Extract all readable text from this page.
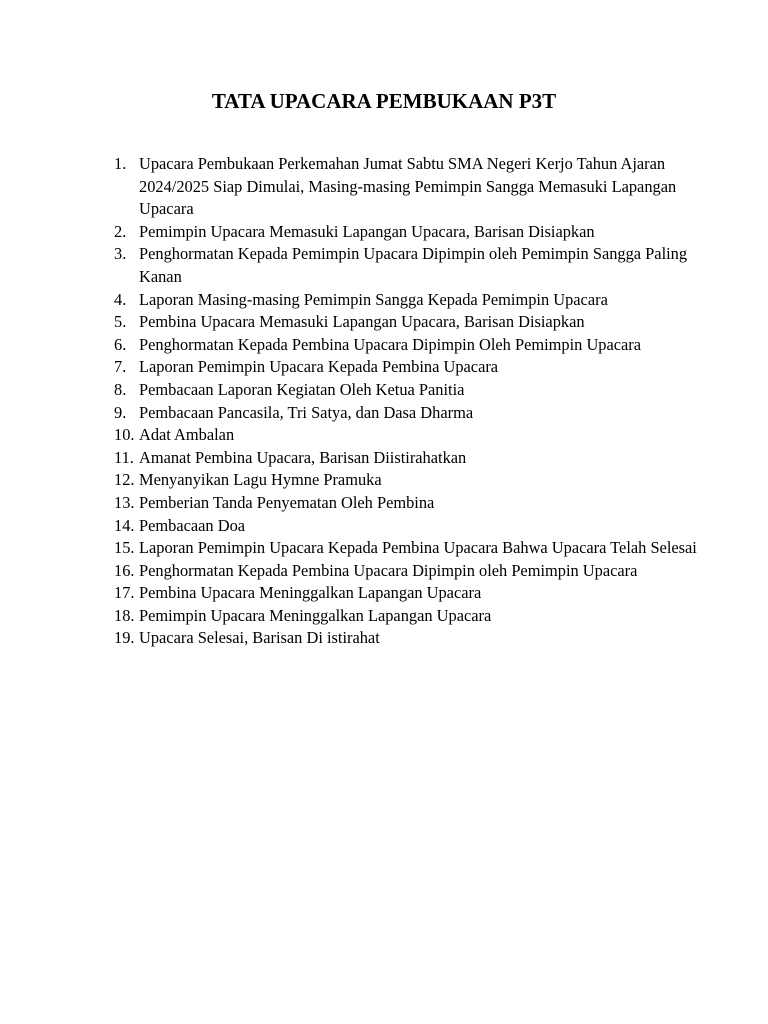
TATA UPACARA PEMBUKAAN P3T
1. Upacara Pembukaan Perkemahan Jumat Sabtu SMA Negeri Kerjo Tahun Ajaran 2024/2025 Siap Dimulai, Masing-masing Pemimpin Sangga Memasuki Lapangan Upacara
2. Pemimpin Upacara Memasuki Lapangan Upacara, Barisan Disiapkan
3. Penghormatan Kepada Pemimpin Upacara Dipimpin oleh Pemimpin Sangga Paling Kanan
4. Laporan Masing-masing Pemimpin Sangga Kepada Pemimpin Upacara
5. Pembina Upacara Memasuki Lapangan Upacara, Barisan Disiapkan
6. Penghormatan Kepada Pembina Upacara Dipimpin Oleh Pemimpin Upacara
7. Laporan Pemimpin Upacara Kepada Pembina Upacara
8. Pembacaan Laporan Kegiatan Oleh Ketua Panitia
9. Pembacaan Pancasila, Tri Satya, dan Dasa Dharma
10. Adat Ambalan
11. Amanat Pembina Upacara, Barisan Diistirahatkan
12. Menyanyikan Lagu Hymne Pramuka
13. Pemberian Tanda Penyematan Oleh Pembina
14. Pembacaan Doa
15. Laporan Pemimpin Upacara Kepada Pembina Upacara Bahwa Upacara Telah Selesai
16. Penghormatan Kepada Pembina Upacara Dipimpin oleh Pemimpin Upacara
17. Pembina Upacara Meninggalkan Lapangan Upacara
18. Pemimpin Upacara Meninggalkan Lapangan Upacara
19. Upacara Selesai, Barisan Di istirahat
